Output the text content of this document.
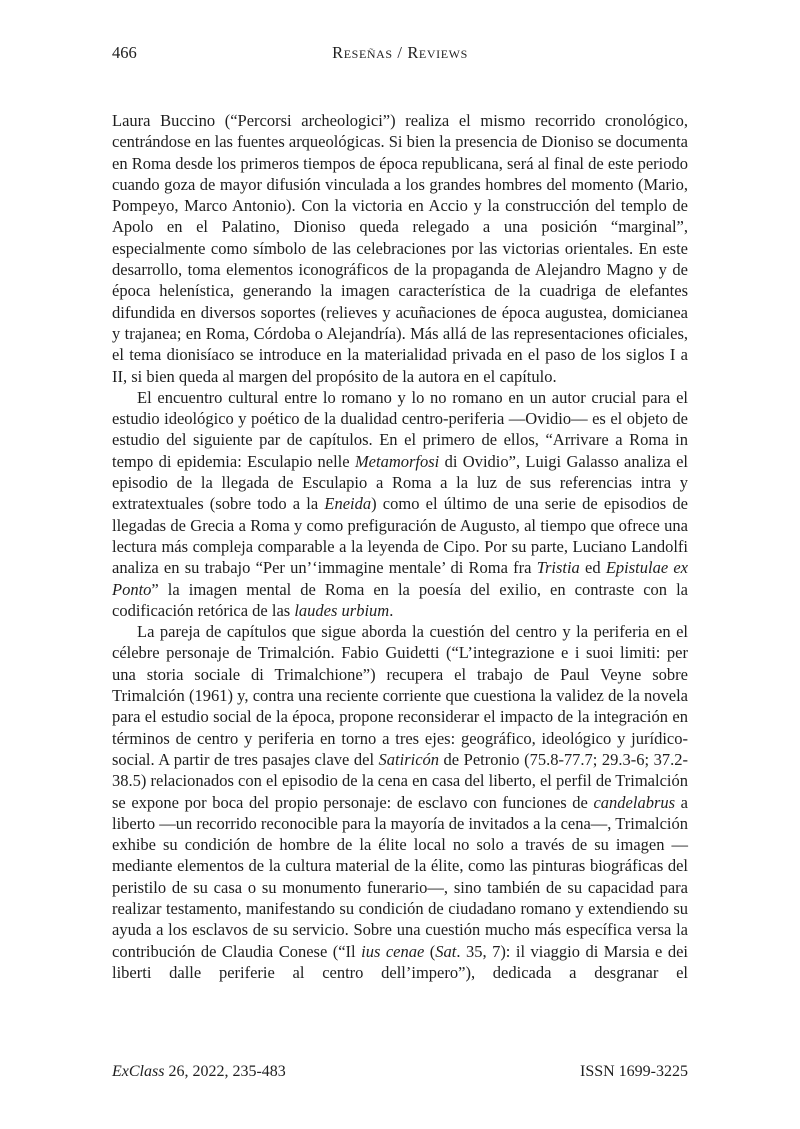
466	Reseñas / Reviews

Laura Buccino (“Percorsi archeologici”) realiza el mismo recorrido cronológico, centrándose en las fuentes arqueológicas. Si bien la presencia de Dioniso se documenta en Roma desde los primeros tiempos de época republicana, será al final de este periodo cuando goza de mayor difusión vinculada a los grandes hombres del momento (Mario, Pompeyo, Marco Antonio). Con la victoria en Accio y la construcción del templo de Apolo en el Palatino, Dioniso queda relegado a una posición “marginal”, especialmente como símbolo de las celebraciones por las victorias orientales. En este desarrollo, toma elementos iconográficos de la propaganda de Alejandro Magno y de época helenística, generando la imagen característica de la cuadriga de elefantes difundida en diversos soportes (relieves y acuñaciones de época augustea, domicianea y trajanea; en Roma, Córdoba o Alejandría). Más allá de las representaciones oficiales, el tema dionisíaco se introduce en la materialidad privada en el paso de los siglos I a II, si bien queda al margen del propósito de la autora en el capítulo.

El encuentro cultural entre lo romano y lo no romano en un autor crucial para el estudio ideológico y poético de la dualidad centro-periferia —Ovidio— es el objeto de estudio del siguiente par de capítulos. En el primero de ellos, “Arrivare a Roma in tempo di epidemia: Esculapio nelle Metamorfosi di Ovidio”, Luigi Galasso analiza el episodio de la llegada de Esculapio a Roma a la luz de sus referencias intra y extratextuales (sobre todo a la Eneida) como el último de una serie de episodios de llegadas de Grecia a Roma y como prefiguración de Augusto, al tiempo que ofrece una lectura más compleja comparable a la leyenda de Cipo. Por su parte, Luciano Landolfi analiza en su trabajo “Per un’‘immagine mentale’ di Roma fra Tristia ed Epistulae ex Ponto” la imagen mental de Roma en la poesía del exilio, en contraste con la codificación retórica de las laudes urbium.

La pareja de capítulos que sigue aborda la cuestión del centro y la periferia en el célebre personaje de Trimalción. Fabio Guidetti (“L’integrazione e i suoi limiti: per una storia sociale di Trimalchione”) recupera el trabajo de Paul Veyne sobre Trimalción (1961) y, contra una reciente corriente que cuestiona la validez de la novela para el estudio social de la época, propone reconsiderar el impacto de la integración en términos de centro y periferia en torno a tres ejes: geográfico, ideológico y jurídico-social. A partir de tres pasajes clave del Satiricón de Petronio (75.8-77.7; 29.3-6; 37.2-38.5) relacionados con el episodio de la cena en casa del liberto, el perfil de Trimalción se expone por boca del propio personaje: de esclavo con funciones de candelabrus a liberto —un recorrido reconocible para la mayoría de invitados a la cena—, Trimalción exhibe su condición de hombre de la élite local no solo a través de su imagen —mediante elementos de la cultura material de la élite, como las pinturas biográficas del peristilo de su casa o su monumento funerario—, sino también de su capacidad para realizar testamento, manifestando su condición de ciudadano romano y extendiendo su ayuda a los esclavos de su servicio. Sobre una cuestión mucho más específica versa la contribución de Claudia Conese (“Il ius cenae (Sat. 35, 7): il viaggio di Marsia e dei liberti dalle periferie al centro dell’impero”), dedicada a desgranar el

ExClass 26, 2022, 235-483	ISSN 1699-3225
